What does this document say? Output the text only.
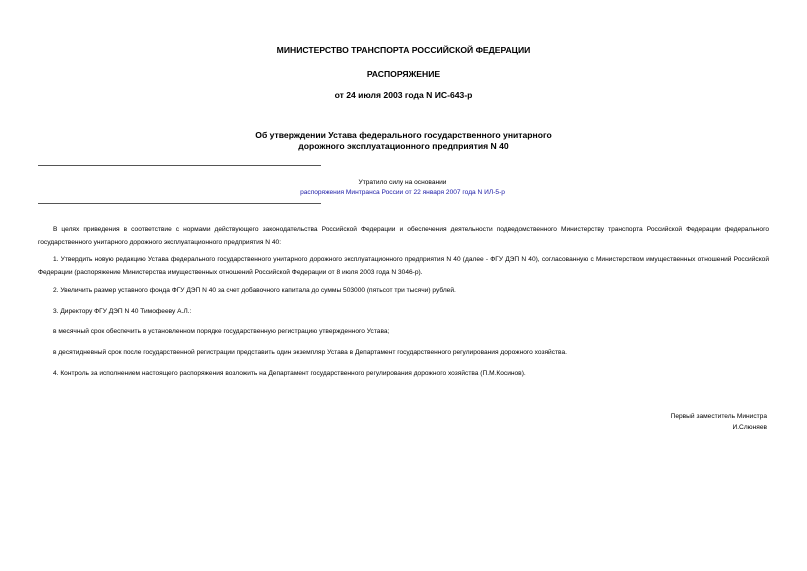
МИНИСТЕРСТВО ТРАНСПОРТА РОССИЙСКОЙ ФЕДЕРАЦИИ
РАСПОРЯЖЕНИЕ
от 24 июля 2003 года N ИС-643-р
Об утверждении Устава федерального государственного унитарного
дорожного эксплуатационного предприятия N 40
Утратило силу на основании
распоряжения Минтранса России от 22 января 2007 года N ИЛ-5-р
В целях приведения в соответствие с нормами действующего законодательства Российской Федерации и обеспечения деятельности подведомственного Министерству транспорта Российской Федерации федерального государственного унитарного дорожного эксплуатационного предприятия N 40:
1. Утвердить новую редакцию Устава федерального государственного унитарного дорожного эксплуатационного предприятия N 40 (далее - ФГУ ДЭП N 40), согласованную с Министерством имущественных отношений Российской Федерации (распоряжение Министерства имущественных отношений Российской Федерации от 8 июля 2003 года N 3046-р).
2. Увеличить размер уставного фонда ФГУ ДЭП N 40 за счет добавочного капитала до суммы 503000 (пятьсот три тысячи) рублей.
3. Директору ФГУ ДЭП N 40 Тимофееву А.Л.:
в месячный срок обеспечить в установленном порядке государственную регистрацию утвержденного Устава;
в десятидневный срок после государственной регистрации представить один экземпляр Устава в Департамент государственного регулирования дорожного хозяйства.
4. Контроль за исполнением настоящего распоряжения возложить на Департамент государственного регулирования дорожного хозяйства (П.М.Косинов).
Первый заместитель Министра
И.Слюняев
